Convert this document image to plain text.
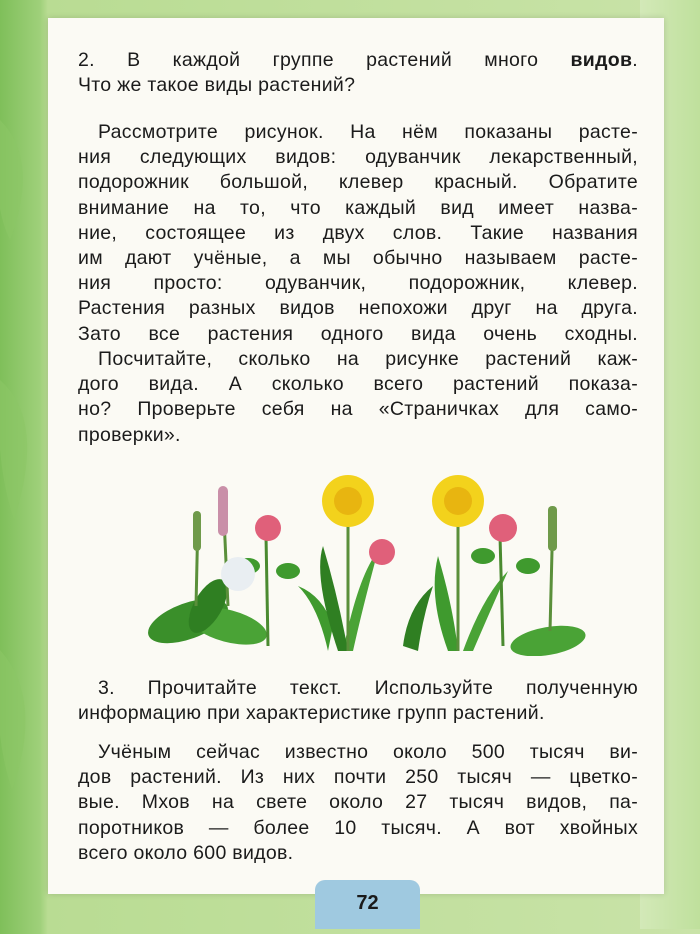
2. В каждой группе растений много видов.
Что же такое виды растений?
Рассмотрите рисунок. На нём показаны расте-
ния следующих видов: одуванчик лекарственный,
подорожник большой, клевер красный. Обратите
внимание на то, что каждый вид имеет назва-
ние, состоящее из двух слов. Такие названия
им дают учёные, а мы обычно называем расте-
ния просто: одуванчик, подорожник, клевер.
Растения разных видов непохожи друг на друга.
Зато все растения одного вида очень сходны.
Посчитайте, сколько на рисунке растений каж-
дого вида. А сколько всего растений показа-
но? Проверьте себя на «Страничках для само-
проверки».
3. Прочитайте текст. Используйте полученную
информацию при характеристике групп растений.
Учёным сейчас известно около 500 тысяч ви-
дов растений. Из них почти 250 тысяч — цветко-
вые. Мхов на свете около 27 тысяч видов, па-
поротников — более 10 тысяч. А вот хвойных
всего около 600 видов.
72
